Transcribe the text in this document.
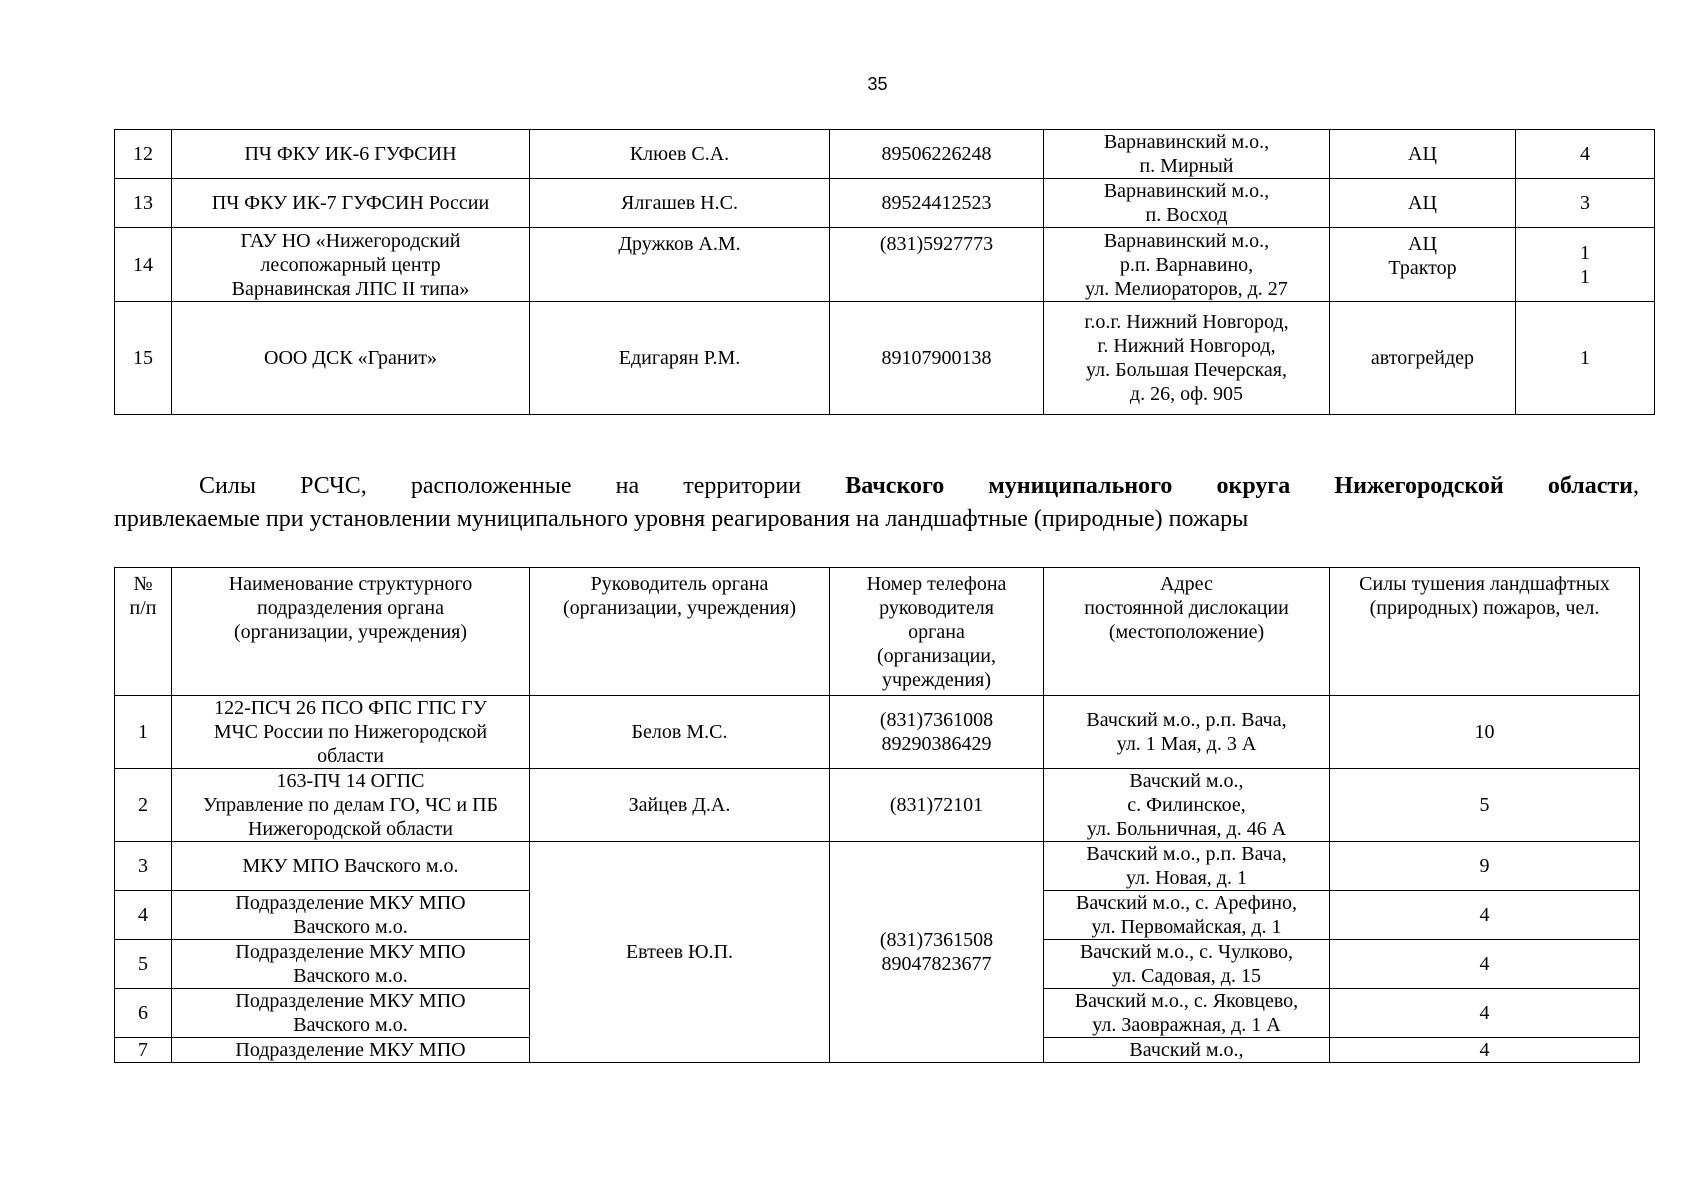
35
12	ПЧ ФКУ ИК-6 ГУФСИН	Клюев С.А.	89506226248	Варнавинский м.о.,
п. Мирный	АЦ	4

13	ПЧ ФКУ ИК-7 ГУФСИН России	Ялгашев Н.С.	89524412523	Варнавинский м.о.,
п. Восход	АЦ	3

14	ГАУ НО «Нижегородский
лесопожарный центр
Варнавинская ЛПС II типа»	Дружков А.М.	(831)5927773	Варнавинский м.о.,
р.п. Варнавино,
ул. Мелиораторов, д. 27	АЦ
Трактор	1
1

15	ООО ДСК «Гранит»	Едигарян Р.М.	89107900138	г.о.г. Нижний Новгород,
г. Нижний Новгород,
ул. Большая Печерская,
д. 26, оф. 905	автогрейдер	1
Силы РСЧС, расположенные на территории Вачского муниципального округа Нижегородской области,
привлекаемые при установлении муниципального уровня реагирования на ландшафтные (природные) пожары
№
п/п	Наименование структурного
подразделения органа
(организации, учреждения)	Руководитель органа
(организации, учреждения)	Номер телефона
руководителя
органа
(организации,
учреждения)	Адрес
постоянной дислокации
(местоположение)	Силы тушения ландшафтных
(природных) пожаров, чел.

1	122-ПСЧ 26 ПСО ФПС ГПС ГУ
МЧС России по Нижегородской
области	Белов М.С.	(831)7361008
89290386429	Вачский м.о., р.п. Вача,
ул. 1 Мая, д. 3 А	10
2	163-ПЧ 14 ОГПС
Управление по делам ГО, ЧС и ПБ
Нижегородской области	Зайцев Д.А.	(831)72101	Вачский м.о.,
с. Филинское,
ул. Больничная, д. 46 А	5
3	МКУ МПО Вачского м.о.	Евтеев Ю.П.	(831)7361508
89047823677	Вачский м.о., р.п. Вача,
ул. Новая, д. 1	9
4	Подразделение МКУ МПО
Вачского м.о.			Вачский м.о., с. Арефино,
ул. Первомайская, д. 1	4
5	Подразделение МКУ МПО
Вачского м.о.			Вачский м.о., с. Чулково,
ул. Садовая, д. 15	4
6	Подразделение МКУ МПО
Вачского м.о.			Вачский м.о., с. Яковцево,
ул. Заовражная, д. 1 А	4
7	Подразделение МКУ МПО			Вачский м.о.,	4
